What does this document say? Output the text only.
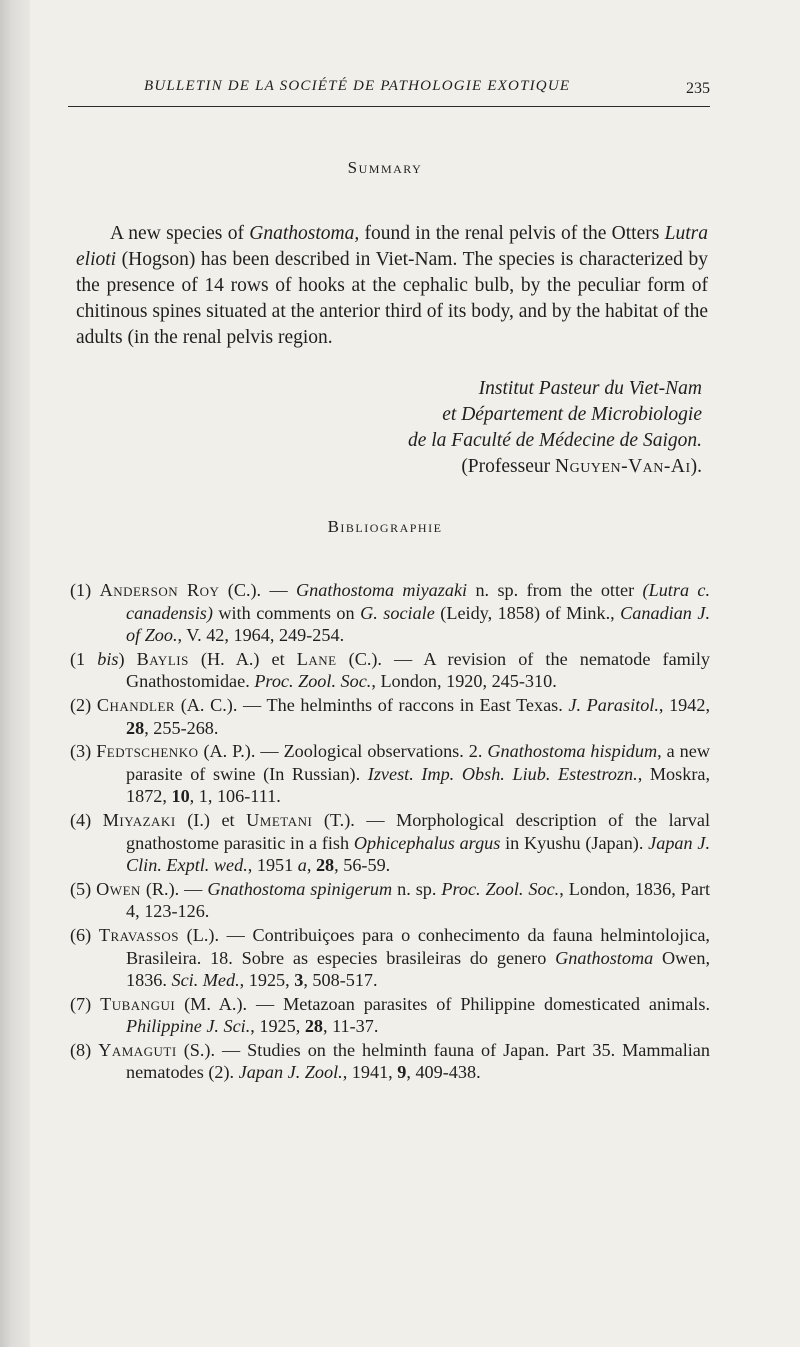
BULLETIN DE LA SOCIÉTÉ DE PATHOLOGIE EXOTIQUE	235
Summary

A new species of Gnathostoma, found in the renal pelvis of the Otters Lutra elioti (Hogson) has been described in Viet-Nam. The species is characterized by the presence of 14 rows of hooks at the cephalic bulb, by the peculiar form of chitinous spines situated at the anterior third of its body, and by the habitat of the adults (in the renal pelvis region.

Institut Pasteur du Viet-Nam
et Département de Microbiologie
de la Faculté de Médecine de Saigon.
(Professeur Nguyen-Van-Ai).
Bibliographie
(1) Anderson Roy (C.). — Gnathostoma miyazaki n. sp. from the otter (Lutra c. canadensis) with comments on G. sociale (Leidy, 1858) of Mink., Canadian J. of Zoo., V. 42, 1964, 249-254.
(1 bis) Baylis (H. A.) et Lane (C.). — A revision of the nematode family Gnathostomidae. Proc. Zool. Soc., London, 1920, 245-310.
(2) Chandler (A. C.). — The helminths of raccons in East Texas. J. Parasitol., 1942, 28, 255-268.
(3) Fedtschenko (A. P.). — Zoological observations. 2. Gnathostoma hispidum, a new parasite of swine (In Russian). Izvest. Imp. Obsh. Liub. Estestrozn., Moskra, 1872, 10, 1, 106-111.
(4) Miyazaki (I.) et Umetani (T.). — Morphological description of the larval gnathostome parasitic in a fish Ophicephalus argus in Kyushu (Japan). Japan J. Clin. Exptl. wed., 1951 a, 28, 56-59.
(5) Owen (R.). — Gnathostoma spinigerum n. sp. Proc. Zool. Soc., London, 1836, Part 4, 123-126.
(6) Travassos (L.). — Contribuiçoes para o conhecimento da fauna helmintolojica, Brasileira. 18. Sobre as especies brasileiras do genero Gnathostoma Owen, 1836. Sci. Med., 1925, 3, 508-517.
(7) Tubangui (M. A.). — Metazoan parasites of Philippine domesticated animals. Philippine J. Sci., 1925, 28, 11-37.
(8) Yamaguti (S.). — Studies on the helminth fauna of Japan. Part 35. Mammalian nematodes (2). Japan J. Zool., 1941, 9, 409-438.
